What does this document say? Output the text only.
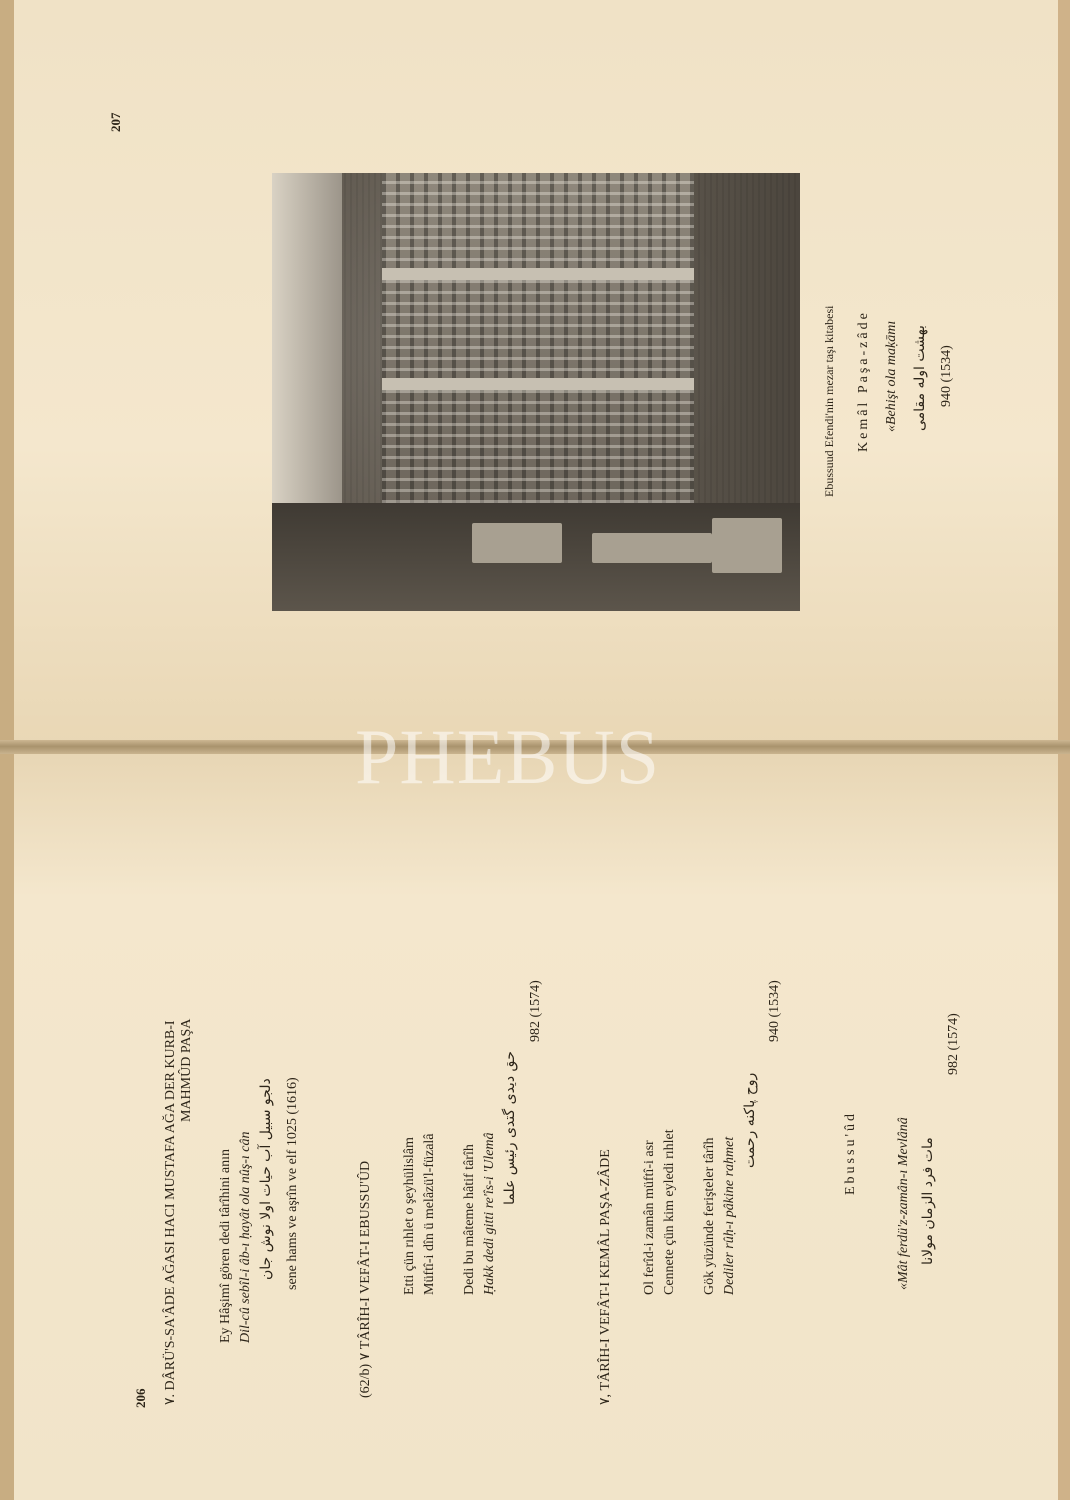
207
Ebussuud Efendi'nin mezar taşı kitabesi Kemâl Paşa-zâde «Behişt ola maḳāmı بهشت اوله مقامی 940 (1534)
206 ٧. DÂRÜ'S-SA'ÂDE AĞASI HACI MUSTAFA AĞA DER KURB-I MAHMÛD PAŞA
Ey Hâşimî gören dedi târîhini anın Dil-cû sebîl-i âb-ı ḥayât ola nûş-ı cân دلجو سبیل آب حیات اولا نوش جان sene hams ve aşrîn ve elf 1025 (1616)
(62/b) ٧ TÂRÎH-I VEFÂT-I EBUSSU'ÛD Etti çün rıhlet o şeyhülislâm Müftî-i dîn ü melâzü'l-füzalâ Dedi bu mâteme hâtif târîh Ḥakk dedi gitti re'îs-i 'Ulemâ
حق دیدی گتدی رئیس علما
982 (1574)
٧, TÂRÎH-I VEFÂT-I KEMÂL PAŞA-ZÂDE Ol ferîd-i zamân müftî-i asr Cennete çün kim eyledi rıhlet Gök yüzünde ferişteler târîh Dediler rûḥ-ı pâkine raḥmet
روح پاکنه رحمت
940 (1534)
Ebussu'ûd	«Mât ferdü'z-zamân-ı Mevlânâ مات فرد الزمان مولانا
982 (1574)
PHEBUS
